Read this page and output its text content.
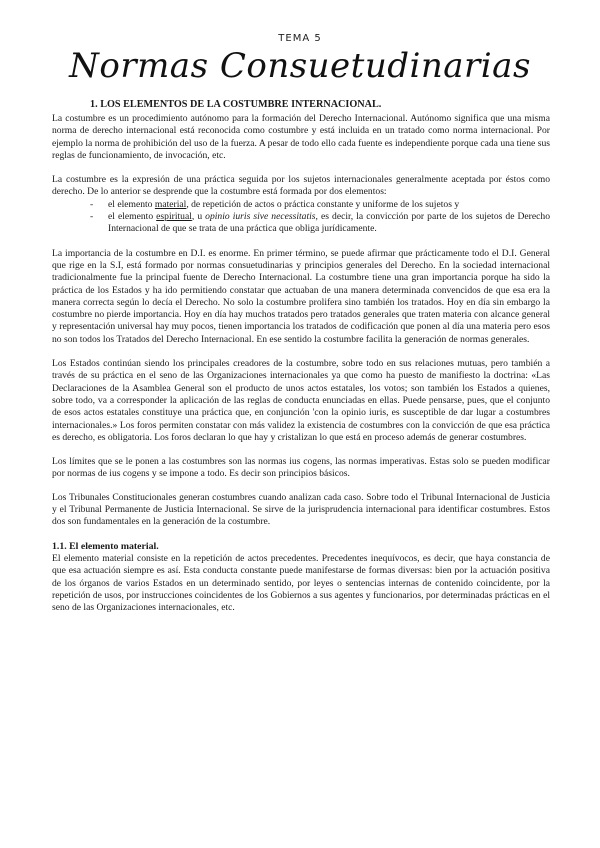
TEMA 5
Normas Consuetudinarias
1. LOS ELEMENTOS DE LA COSTUMBRE INTERNACIONAL.

La costumbre es un procedimiento autónomo para la formación del Derecho Internacional. Autónomo significa que una misma norma de derecho internacional está reconocida como costumbre y está incluida en un tratado como norma internacional. Por ejemplo la norma de prohibición del uso de la fuerza. A pesar de todo ello cada fuente es independiente porque cada una tiene sus reglas de funcionamiento, de invocación, etc.

La costumbre es la expresión de una práctica seguida por los sujetos internacionales generalmente aceptada por éstos como derecho. De lo anterior se desprende que la costumbre está formada por dos elementos:

- el elemento material, de repetición de actos o práctica constante y uniforme de los sujetos y
- el elemento espiritual, u opinio iuris sive necessitatis, es decir, la convicción por parte de los sujetos de Derecho Internacional de que se trata de una práctica que obliga jurídicamente.

La importancia de la costumbre en D.I. es enorme. En primer término, se puede afirmar que prácticamente todo el D.I. General que rige en la S.I, está formado por normas consuetudinarias y principios generales del Derecho. En la sociedad internacional tradicionalmente fue la principal fuente de Derecho Internacional. La costumbre tiene una gran importancia porque ha sido la práctica de los Estados y ha ido permitiendo constatar que actuaban de una manera determinada convencidos de que esa era la manera correcta según lo decía el Derecho. No solo la costumbre prolifera sino también los tratados. Hoy en día sin embargo la costumbre no pierde importancia. Hoy en día hay muchos tratados pero tratados generales que traten materia con alcance general y representación universal hay muy pocos, tienen importancia los tratados de codificación que ponen al día una materia pero esos no son todos los Tratados del Derecho Internacional. En ese sentido la costumbre facilita la generación de normas generales.

Los Estados continúan siendo los principales creadores de la costumbre, sobre todo en sus relaciones mutuas, pero también a través de su práctica en el seno de las Organizaciones internacionales ya que como ha puesto de manifiesto la doctrina: «Las Declaraciones de la Asamblea General son el producto de unos actos estatales, los votos; son también los Estados a quienes, sobre todo, va a corresponder la aplicación de las reglas de conducta enunciadas en ellas. Puede pensarse, pues, que el conjunto de esos actos estatales constituye una práctica que, en conjunción 'con la opinio iuris, es susceptible de dar lugar a costumbres internacionales.» Los foros permiten constatar con más validez la existencia de costumbres con la convicción de que esa práctica es derecho, es obligatoria. Los foros declaran lo que hay y cristalizan lo que está en proceso además de generar costumbres.

Los límites que se le ponen a las costumbres son las normas ius cogens, las normas imperativas. Estas solo se pueden modificar por normas de ius cogens y se impone a todo. Es decir son principios básicos.

Los Tribunales Constitucionales generan costumbres cuando analizan cada caso. Sobre todo el Tribunal Internacional de Justicia y el Tribunal Permanente de Justicia Internacional. Se sirve de la jurisprudencia internacional para identificar costumbres. Estos dos son fundamentales en la generación de la costumbre.

1.1. El elemento material.

El elemento material consiste en la repetición de actos precedentes. Precedentes inequívocos, es decir, que haya constancia de que esa actuación siempre es así. Esta conducta constante puede manifestarse de formas diversas: bien por la actuación positiva de los órganos de varios Estados en un determinado sentido, por leyes o sentencias internas de contenido coincidente, por la repetición de usos, por instrucciones coincidentes de los Gobiernos a sus agentes y funcionarios, por determinadas prácticas en el seno de las Organizaciones internacionales, etc.
